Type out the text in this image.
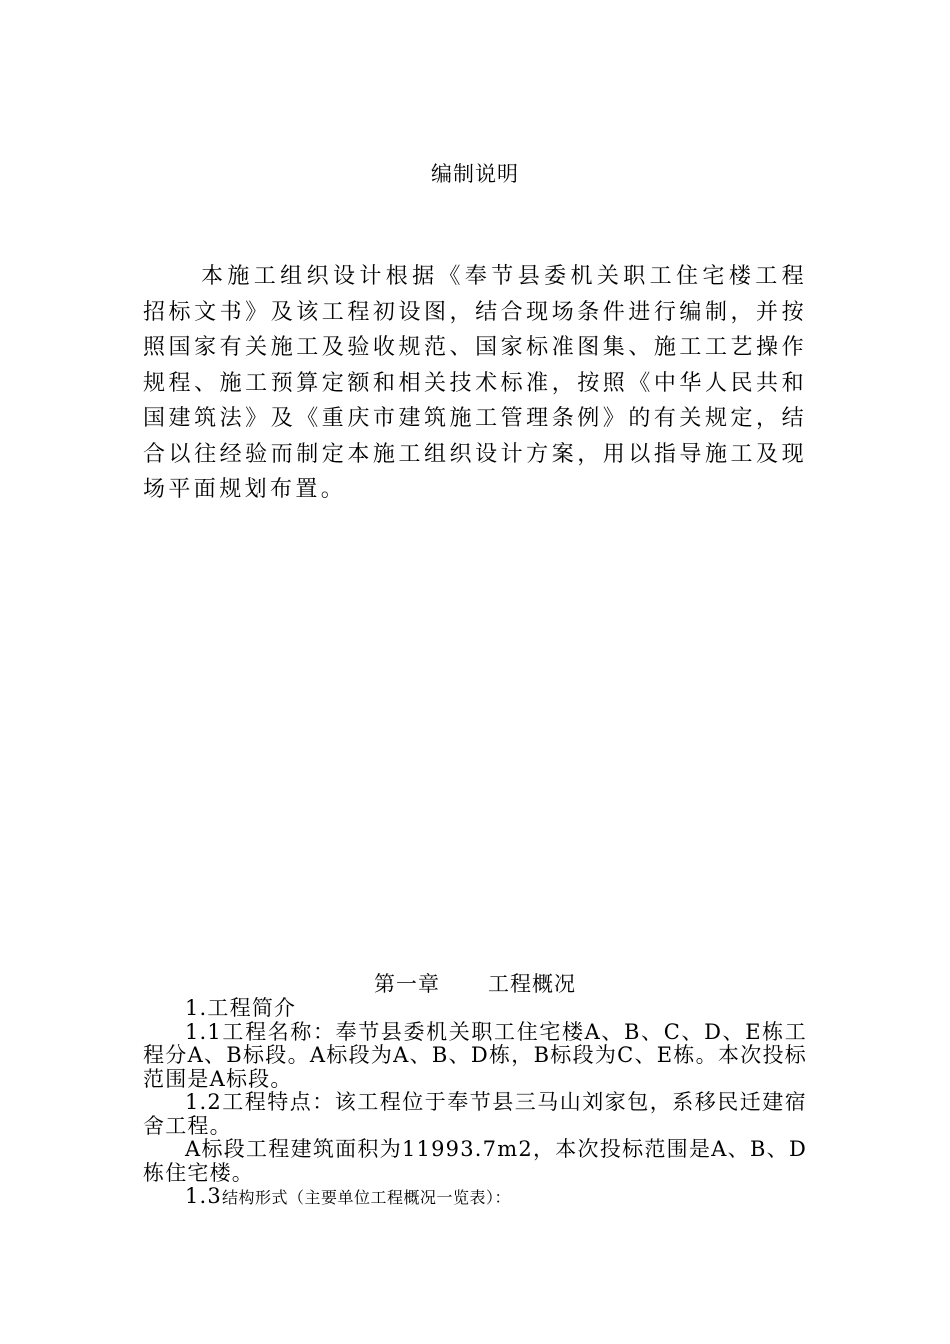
编制说明

本施工组织设计根据《奉节县委机关职工住宅楼工程招标文书》及该工程初设图，结合现场条件进行编制，并按照国家有关施工及验收规范、国家标准图集、施工工艺操作规程、施工预算定额和相关技术标准，按照《中华人民共和国建筑法》及《重庆市建筑施工管理条例》的有关规定，结合以往经验而制定本施工组织设计方案，用以指导施工及现场平面规划布置。

第一章 工程概况

1.工程简介

1.1工程名称：奉节县委机关职工住宅楼A、B、C、D、E栋工程分A、B标段。A标段为A、B、D栋，B标段为C、E栋。本次投标范围是A标段。

1.2工程特点：该工程位于奉节县三马山刘家包，系移民迁建宿舍工程。

A标段工程建筑面积为11993.7m2，本次投标范围是A、B、D栋住宅楼。

1.3结构形式（主要单位工程概况一览表）：
